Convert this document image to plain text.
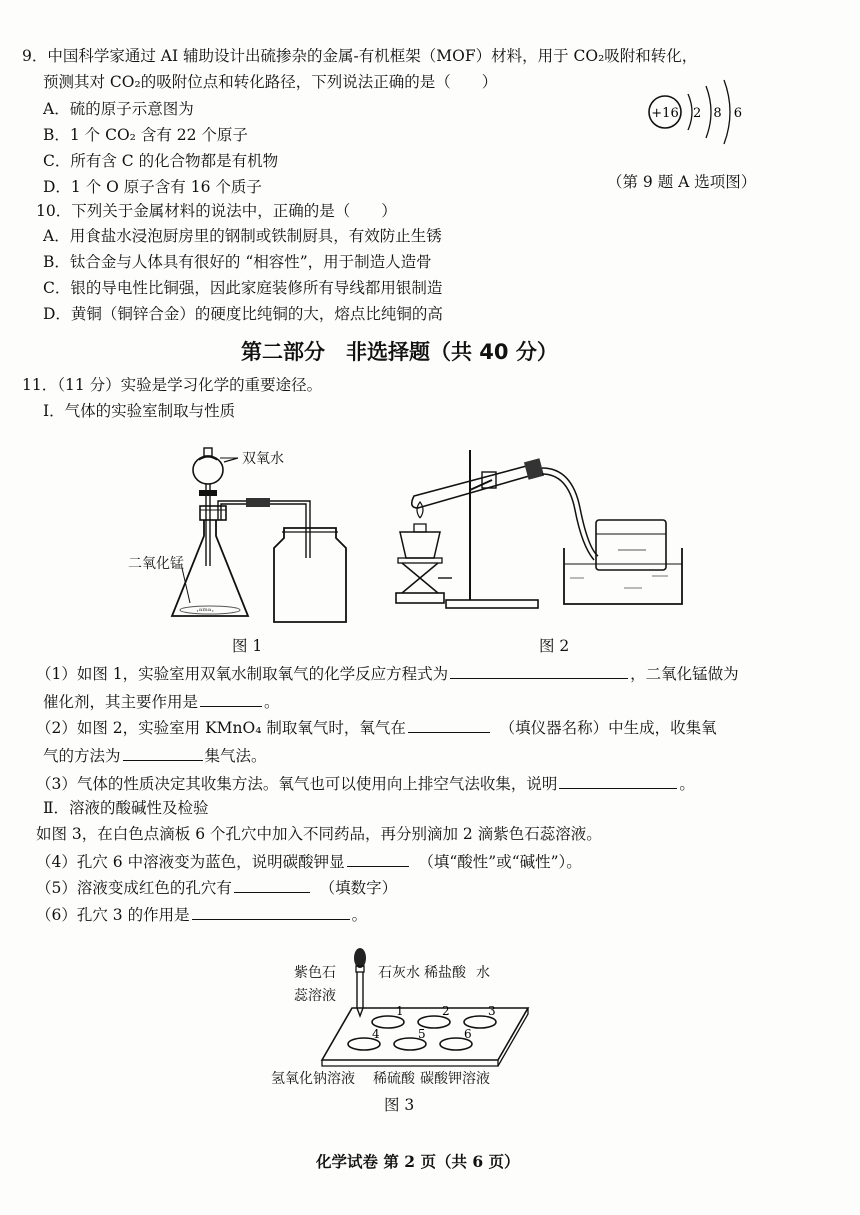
9．中国科学家通过 AI 辅助设计出硫掺杂的金属-有机框架（MOF）材料，用于 CO₂吸附和转化，
预测其对 CO₂的吸附位点和转化路径，下列说法正确的是（　　）
A．硫的原子示意图为
B．1 个 CO₂ 含有 22 个原子
C．所有含 C 的化合物都是有机物
D．1 个 O 原子含有 16 个质子
+16 2 8 6
（第 9 题 A 选项图）
10．下列关于金属材料的说法中，正确的是（　　）
A．用食盐水浸泡厨房里的钢制或铁制厨具，有效防止生锈
B．钛合金与人体具有很好的 “相容性”，用于制造人造骨
C．银的导电性比铜强，因此家庭装修所有导线都用银制造
D．黄铜（铜锌合金）的硬度比纯铜的大，熔点比纯铜的高
第二部分　非选择题（共 40 分）
11．（11 分）实验是学习化学的重要途径。
Ⅰ．气体的实验室制取与性质
·ᵃᵐᵃ·
双氧水
二氧化锰
图 1	图 2
（1）如图 1，实验室用双氧水制取氧气的化学反应方程式为	，二氧化锰做为
催化剂，其主要作用是	。
（2）如图 2，实验室用 KMnO₄ 制取氧气时，氧气在　	（填仪器名称）中生成，收集氧
气的方法为	集气法。
（3）气体的性质决定其收集方法。氧气也可以使用向上排空气法收集，说明	。
Ⅱ．溶液的酸碱性及检验
如图 3，在白色点滴板 6 个孔穴中加入不同药品，再分别滴加 2 滴紫色石蕊溶液。
（4）孔穴 6 中溶液变为蓝色，说明碳酸钾显　	（填“酸性”或“碱性”）。
（5）溶液变成红色的孔穴有　	（填数字）
（6）孔穴 3 的作用是	。
1	2	3
4	5	6
紫色石
蕊溶液
石灰水 稀盐酸 水
氢氧化钠溶液 稀硫酸 碳酸钾溶液
图 3
化学试卷 第 2 页（共 6 页）
